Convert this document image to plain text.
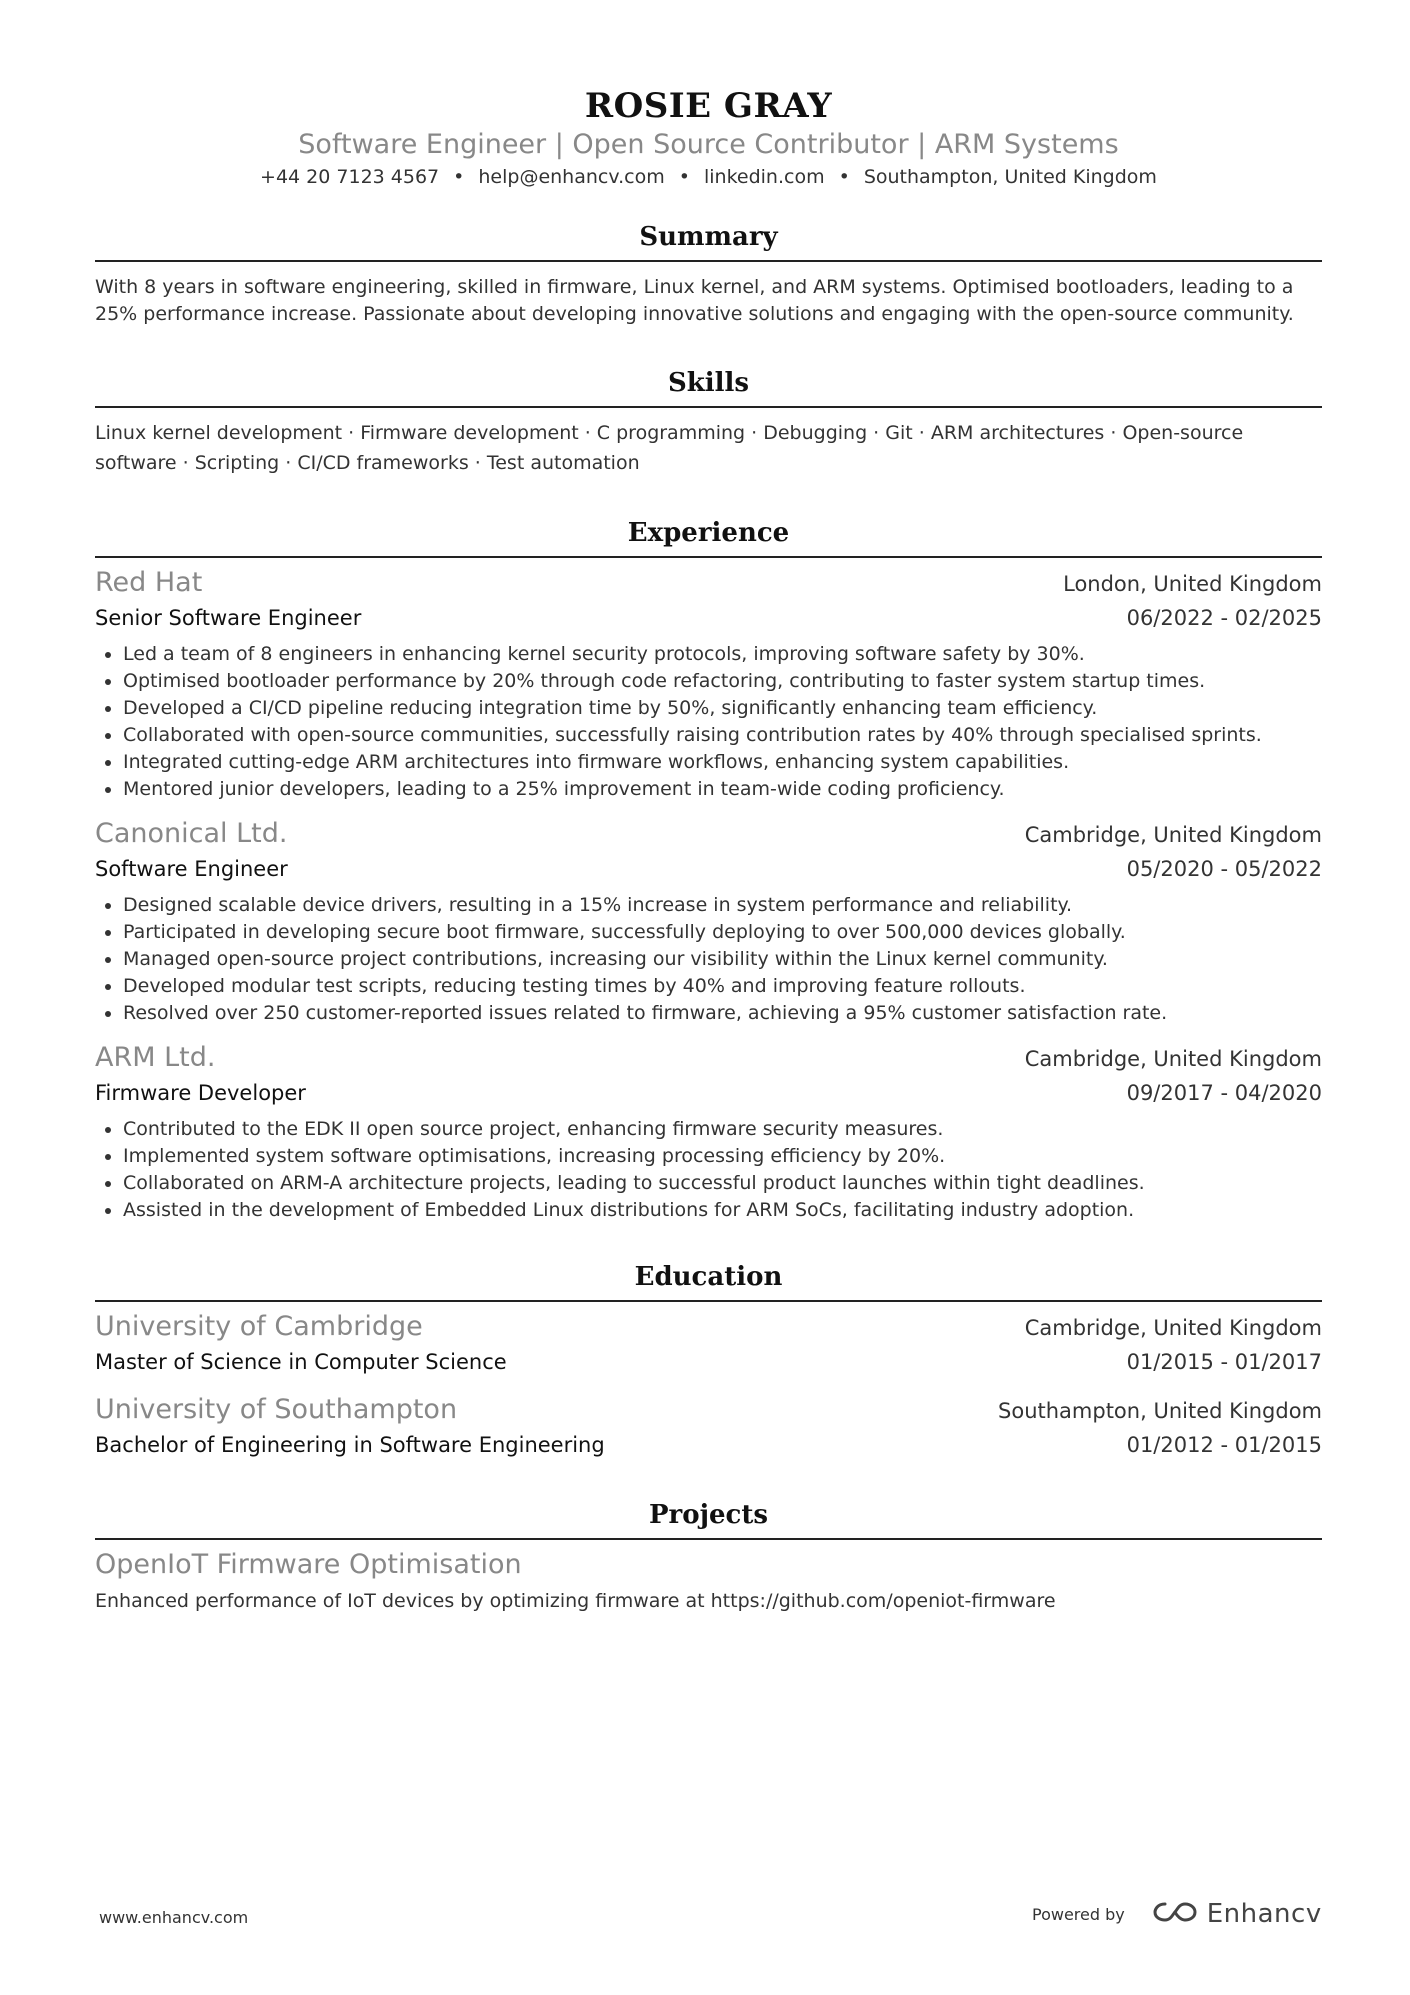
ROSIE GRAY
Software Engineer | Open Source Contributor | ARM Systems
+44 20 7123 4567 • help@enhancv.com • linkedin.com • Southampton, United Kingdom
Summary
With 8 years in software engineering, skilled in firmware, Linux kernel, and ARM systems. Optimised bootloaders, leading to a 25% performance increase. Passionate about developing innovative solutions and engaging with the open-source community.
Skills
Linux kernel development · Firmware development · C programming · Debugging · Git · ARM architectures · Open-source software · Scripting · CI/CD frameworks · Test automation
Experience
Red Hat	London, United Kingdom
Senior Software Engineer	06/2022 - 02/2025
• Led a team of 8 engineers in enhancing kernel security protocols, improving software safety by 30%.
• Optimised bootloader performance by 20% through code refactoring, contributing to faster system startup times.
• Developed a CI/CD pipeline reducing integration time by 50%, significantly enhancing team efficiency.
• Collaborated with open-source communities, successfully raising contribution rates by 40% through specialised sprints.
• Integrated cutting-edge ARM architectures into firmware workflows, enhancing system capabilities.
• Mentored junior developers, leading to a 25% improvement in team-wide coding proficiency.
Canonical Ltd.	Cambridge, United Kingdom
Software Engineer	05/2020 - 05/2022
• Designed scalable device drivers, resulting in a 15% increase in system performance and reliability.
• Participated in developing secure boot firmware, successfully deploying to over 500,000 devices globally.
• Managed open-source project contributions, increasing our visibility within the Linux kernel community.
• Developed modular test scripts, reducing testing times by 40% and improving feature rollouts.
• Resolved over 250 customer-reported issues related to firmware, achieving a 95% customer satisfaction rate.
ARM Ltd.	Cambridge, United Kingdom
Firmware Developer	09/2017 - 04/2020
• Contributed to the EDK II open source project, enhancing firmware security measures.
• Implemented system software optimisations, increasing processing efficiency by 20%.
• Collaborated on ARM-A architecture projects, leading to successful product launches within tight deadlines.
• Assisted in the development of Embedded Linux distributions for ARM SoCs, facilitating industry adoption.
Education
University of Cambridge	Cambridge, United Kingdom
Master of Science in Computer Science	01/2015 - 01/2017
University of Southampton	Southampton, United Kingdom
Bachelor of Engineering in Software Engineering	01/2012 - 01/2015
Projects
OpenIoT Firmware Optimisation
Enhanced performance of IoT devices by optimizing firmware at https://github.com/openiot-firmware
www.enhancv.com	Powered by	Enhancv
